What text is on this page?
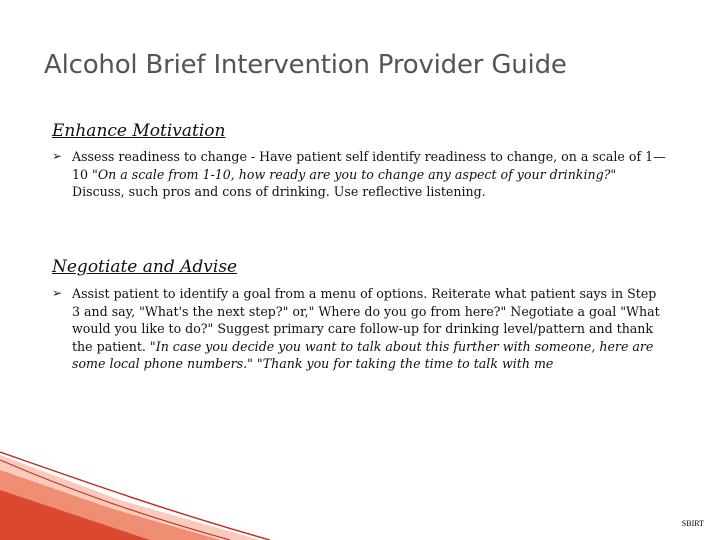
Alcohol Brief Intervention Provider Guide
Enhance Motivation
➢ Assess readiness to change - Have patient self identify readiness to change, on a scale of 1—10 "On a scale from 1-10, how ready are you to change any aspect of your drinking?" Discuss, such pros and cons of drinking. Use reflective listening.
Negotiate and Advise
➢ Assist patient to identify a goal from a menu of options. Reiterate what patient says in Step 3 and say, "What's the next step?" or," Where do you go from here?" Negotiate a goal "What would you like to do?" Suggest primary care follow-up for drinking level/pattern and thank the patient. "In case you decide you want to talk about this further with someone, here are some local phone numbers." "Thank you for taking the time to talk with me
SBIRT
